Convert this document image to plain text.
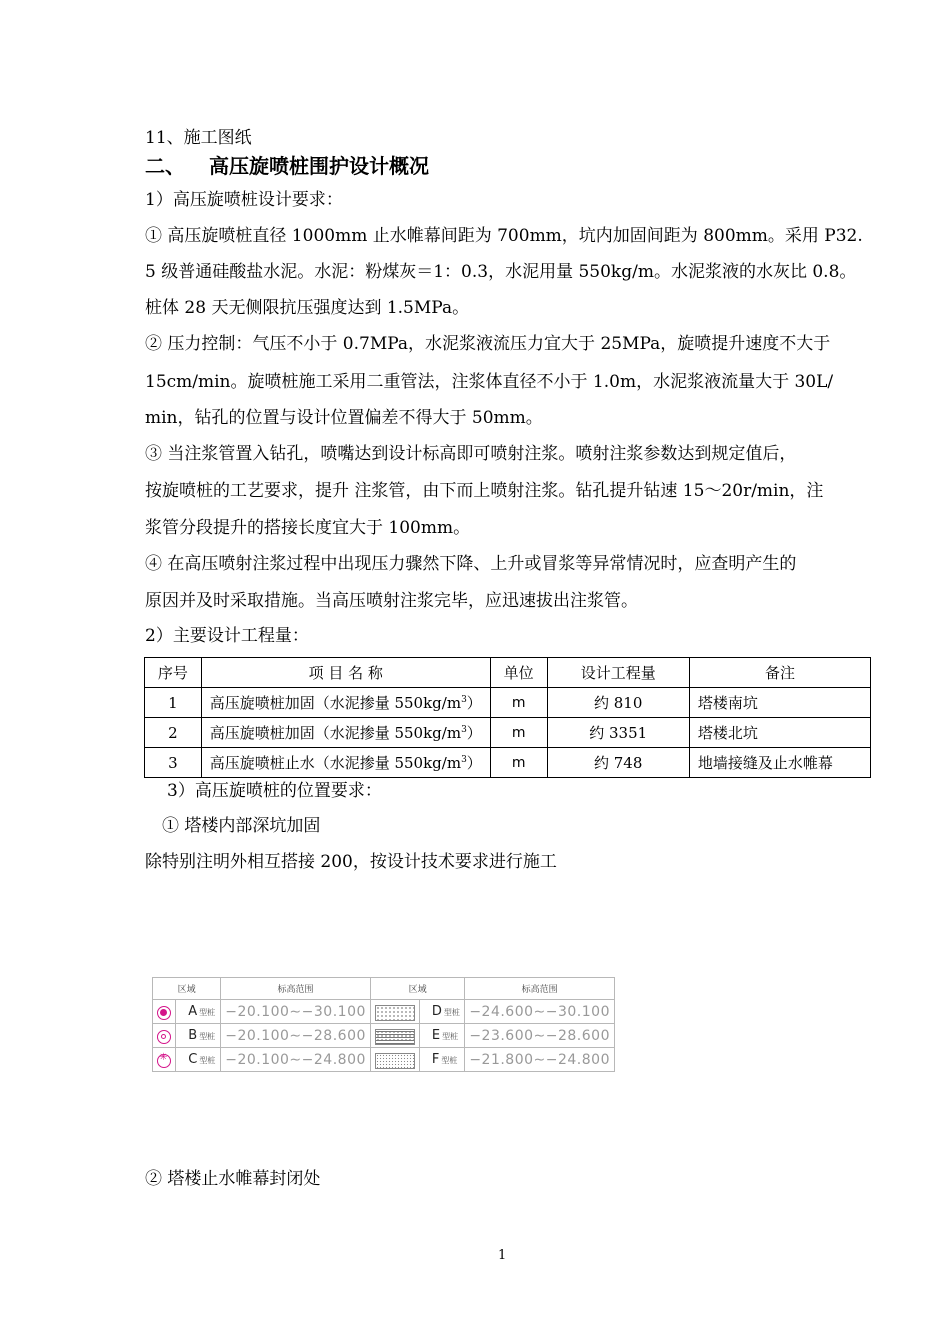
11、施工图纸
二、 高压旋喷桩围护设计概况
1）高压旋喷桩设计要求：
① 高压旋喷桩直径 1000mm 止水帷幕间距为 700mm，坑内加固间距为 800mm。采用 P32.
5 级普通硅酸盐水泥。水泥：粉煤灰＝1：0.3，水泥用量 550kg/m。水泥浆液的水灰比 0.8。
桩体 28 天无侧限抗压强度达到 1.5MPa。
② 压力控制：气压不小于 0.7MPa，水泥浆液流压力宜大于 25MPa，旋喷提升速度不大于
15cm/min。旋喷桩施工采用二重管法，注浆体直径不小于 1.0m，水泥浆液流量大于 30L/
min，钻孔的位置与设计位置偏差不得大于 50mm。
③ 当注浆管置入钻孔，喷嘴达到设计标高即可喷射注浆。喷射注浆参数达到规定值后，
按旋喷桩的工艺要求，提升 注浆管，由下而上喷射注浆。钻孔提升钻速 15～20r/min，注
浆管分段提升的搭接长度宜大于 100mm。
④ 在高压喷射注浆过程中出现压力骤然下降、上升或冒浆等异常情况时，应查明产生的
原因并及时采取措施。当高压喷射注浆完毕，应迅速拔出注浆管。
2）主要设计工程量：
序号	项 目 名 称	单位	设计工程量	备注
1	高压旋喷桩加固（水泥掺量 $550kg/m^3$）	m	约 810	塔楼南坑
2	高压旋喷桩加固（水泥掺量 $550kg/m^3$）	m	约 3351	塔楼北坑
3	高压旋喷桩止水（水泥掺量 $550kg/m^3$）	m	约 748	地墙接缝及止水帷幕
3）高压旋喷桩的位置要求：
① 塔楼内部深坑加固
除特别注明外相互搭接 200，按设计技术要求进行施工
区域		标高范围	区域		标高范围
	A 型桩	−20.100∼−30.100		D 型桩	−24.600∼−30.100
	B 型桩	−20.100∼−28.600		E 型桩	−23.600∼−28.600
✳	C 型桩	−20.100∼−24.800		F 型桩	−21.800∼−24.800
② 塔楼止水帷幕封闭处
1
